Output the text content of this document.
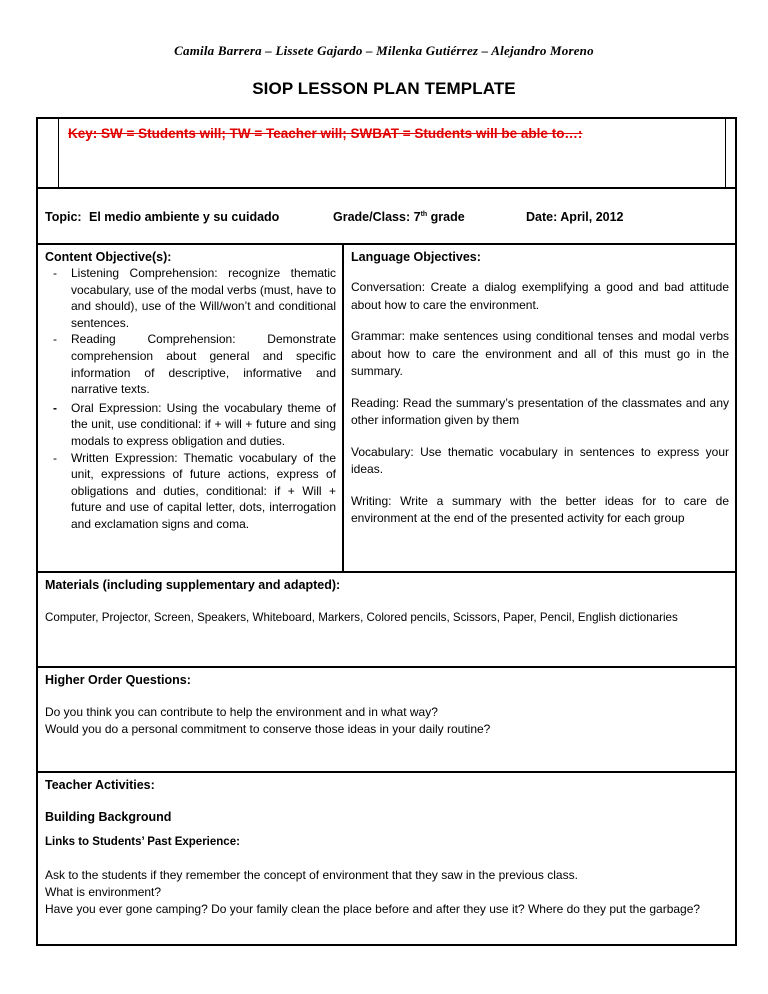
Camila Barrera – Lissete Gajardo – Milenka Gutiérrez – Alejandro Moreno
SIOP LESSON PLAN TEMPLATE
Key: SW = Students will; TW = Teacher will; SWBAT = Students will be able to…:
Topic: El medio ambiente y su cuidado	Grade/Class: 7th grade	Date: April, 2012
Content Objective(s):
- Listening Comprehension: recognize thematic vocabulary, use of the modal verbs (must, have to and should), use of the Will/won’t and conditional sentences.
- Reading Comprehension: Demonstrate comprehension about general and specific information of descriptive, informative and narrative texts.
- Oral Expression: Using the vocabulary theme of the unit, use conditional: if + will + future and sing modals to express obligation and duties.
- Written Expression: Thematic vocabulary of the unit, expressions of future actions, express of obligations and duties, conditional: if + Will + future and use of capital letter, dots, interrogation and exclamation signs and coma.
Language Objectives:

Conversation: Create a dialog exemplifying a good and bad attitude about how to care the environment.

Grammar: make sentences using conditional tenses and modal verbs about how to care the environment and all of this must go in the summary.

Reading: Read the summary’s presentation of the classmates and any other information given by them

Vocabulary: Use thematic vocabulary in sentences to express your ideas.

Writing: Write a summary with the better ideas for to care de environment at the end of the presented activity for each group

Materials (including supplementary and adapted):

Computer, Projector, Screen, Speakers, Whiteboard, Markers, Colored pencils, Scissors, Paper, Pencil, English dictionaries

Higher Order Questions:

Do you think you can contribute to help the environment and in what way?

Would you do a personal commitment to conserve those ideas in your daily routine?

Teacher Activities:
Building Background
Links to Students’ Past Experience:

Ask to the students if they remember the concept of environment that they saw in the previous class.

What is environment?

Have you ever gone camping? Do your family clean the place before and after they use it? Where do they put the garbage?
